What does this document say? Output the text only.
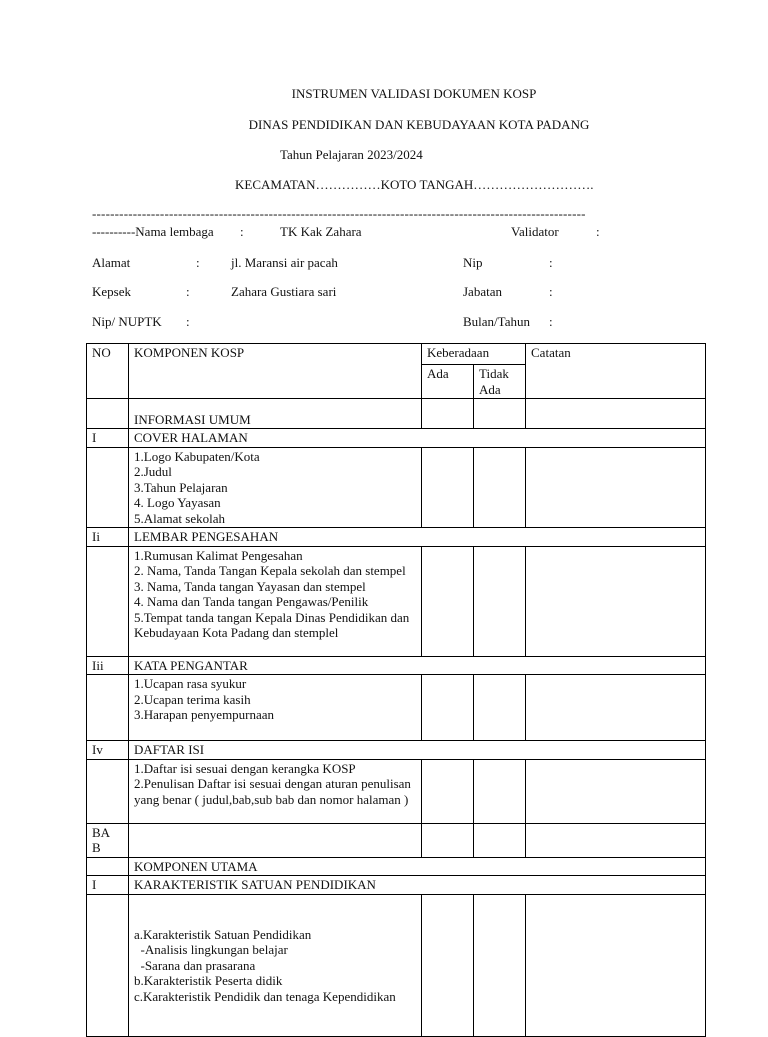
INSTRUMEN VALIDASI DOKUMEN KOSP
DINAS PENDIDIKAN DAN KEBUDAYAAN KOTA PADANG
Tahun Pelajaran 2023/2024
KECAMATAN……………KOTO TANGAH……………………….
-------------------------------------------------------------------------------------------------------------
----------Nama lembaga :	TK Kak Zahara	Validator	:
Alamat	: jl. Maransi air pacah	Nip	:
Kepsek	:	Zahara Gustiara sari	Jabatan	:
Nip/ NUPTK :	Bulan/Tahun :
NO	KOMPONEN KOSP	Keberadaan		Catatan
		Ada	Tidak
Ada	

	INFORMASI UMUM			
I	COVER HALAMAN			

	1.Logo Kabupaten/Kota
2.Judul
3.Tahun Pelajaran
4. Logo Yayasan
5.Alamat sekolah			

Ii	LEMBAR PENGESAHAN			

	1.Rumusan Kalimat Pengesahan
2. Nama, Tanda Tangan Kepala sekolah dan stempel
3. Nama, Tanda tangan Yayasan dan stempel
4. Nama dan Tanda tangan Pengawas/Penilik
5.Tempat tanda tangan Kepala Dinas Pendidikan dan Kebudayaan Kota Padang dan stemplel			

Iii	KATA PENGANTAR			

	1.Ucapan rasa syukur
2.Ucapan terima kasih
3.Harapan penyempurnaan			

Iv	DAFTAR ISI			

	1.Daftar isi sesuai dengan kerangka KOSP
2.Penulisan Daftar isi sesuai dengan aturan penulisan yang benar ( judul,bab,sub bab dan nomor halaman )			

BA
B				

	KOMPONEN UTAMA			
I	KARAKTERISTIK SATUAN PENDIDIKAN			

	a.Karakteristik Satuan Pendidikan
-Analisis lingkungan belajar
-Sarana dan prasarana
b.Karakteristik Peserta didik
c.Karakteristik Pendidik dan tenaga Kependidikan			
